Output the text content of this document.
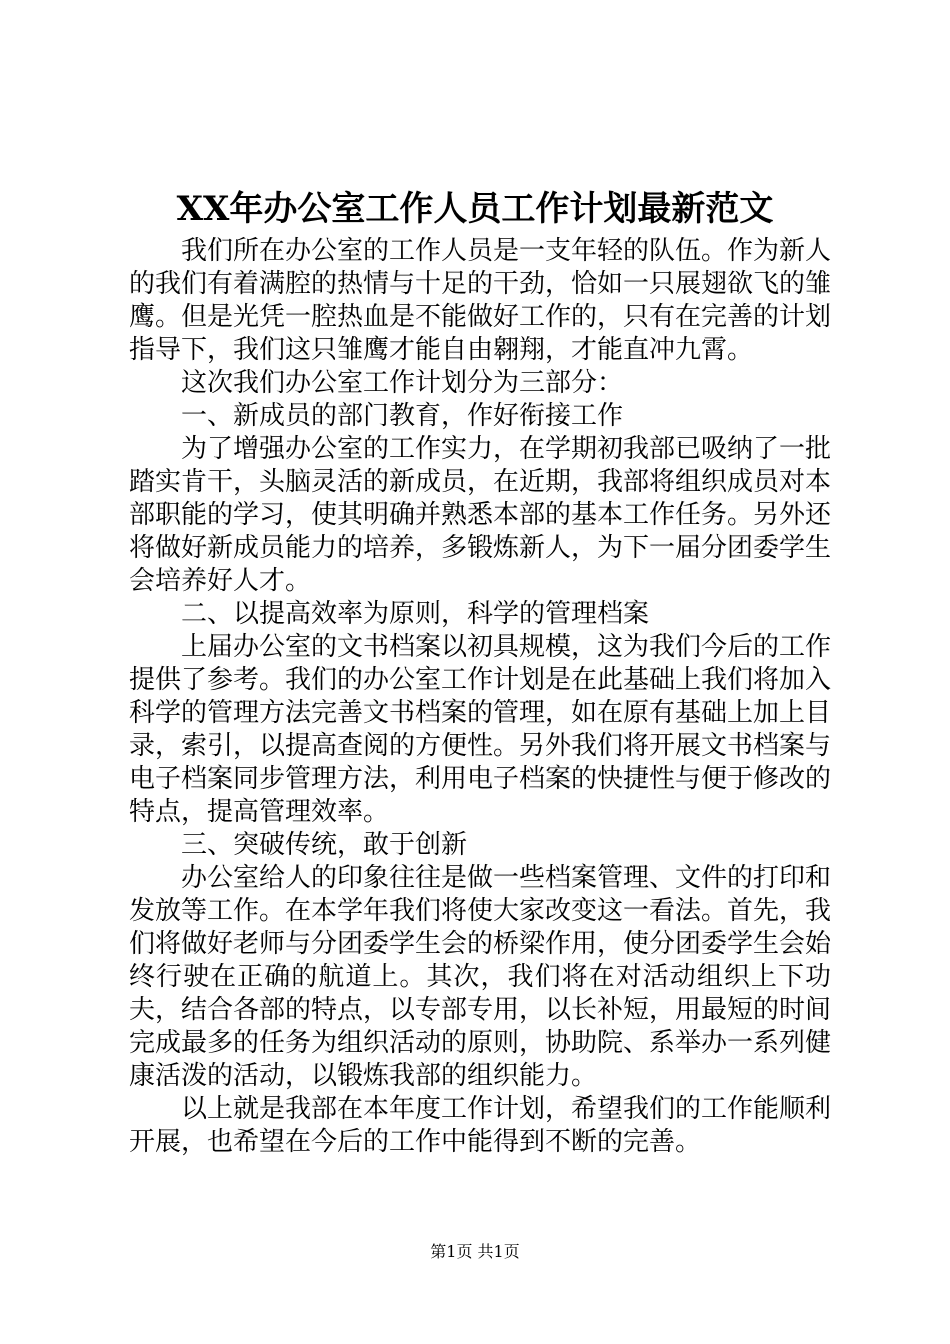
XX年办公室工作人员工作计划最新范文

我们所在办公室的工作人员是一支年轻的队伍。作为新人的我们有着满腔的热情与十足的干劲，恰如一只展翅欲飞的雏鹰。但是光凭一腔热血是不能做好工作的，只有在完善的计划指导下，我们这只雏鹰才能自由翱翔，才能直冲九霄。

这次我们办公室工作计划分为三部分：

一、新成员的部门教育，作好衔接工作

为了增强办公室的工作实力，在学期初我部已吸纳了一批踏实肯干，头脑灵活的新成员，在近期，我部将组织成员对本部职能的学习，使其明确并熟悉本部的基本工作任务。另外还将做好新成员能力的培养，多锻炼新人，为下一届分团委学生会培养好人才。

二、以提高效率为原则，科学的管理档案

上届办公室的文书档案以初具规模，这为我们今后的工作提供了参考。我们的办公室工作计划是在此基础上我们将加入科学的管理方法完善文书档案的管理，如在原有基础上加上目录，索引，以提高查阅的方便性。另外我们将开展文书档案与电子档案同步管理方法，利用电子档案的快捷性与便于修改的特点，提高管理效率。

三、突破传统，敢于创新

办公室给人的印象往往是做一些档案管理、文件的打印和发放等工作。在本学年我们将使大家改变这一看法。首先，我们将做好老师与分团委学生会的桥梁作用，使分团委学生会始终行驶在正确的航道上。其次，我们将在对活动组织上下功夫，结合各部的特点，以专部专用，以长补短，用最短的时间完成最多的任务为组织活动的原则，协助院、系举办一系列健康活泼的活动，以锻炼我部的组织能力。

以上就是我部在本年度工作计划，希望我们的工作能顺利开展，也希望在今后的工作中能得到不断的完善。

第1页 共1页
